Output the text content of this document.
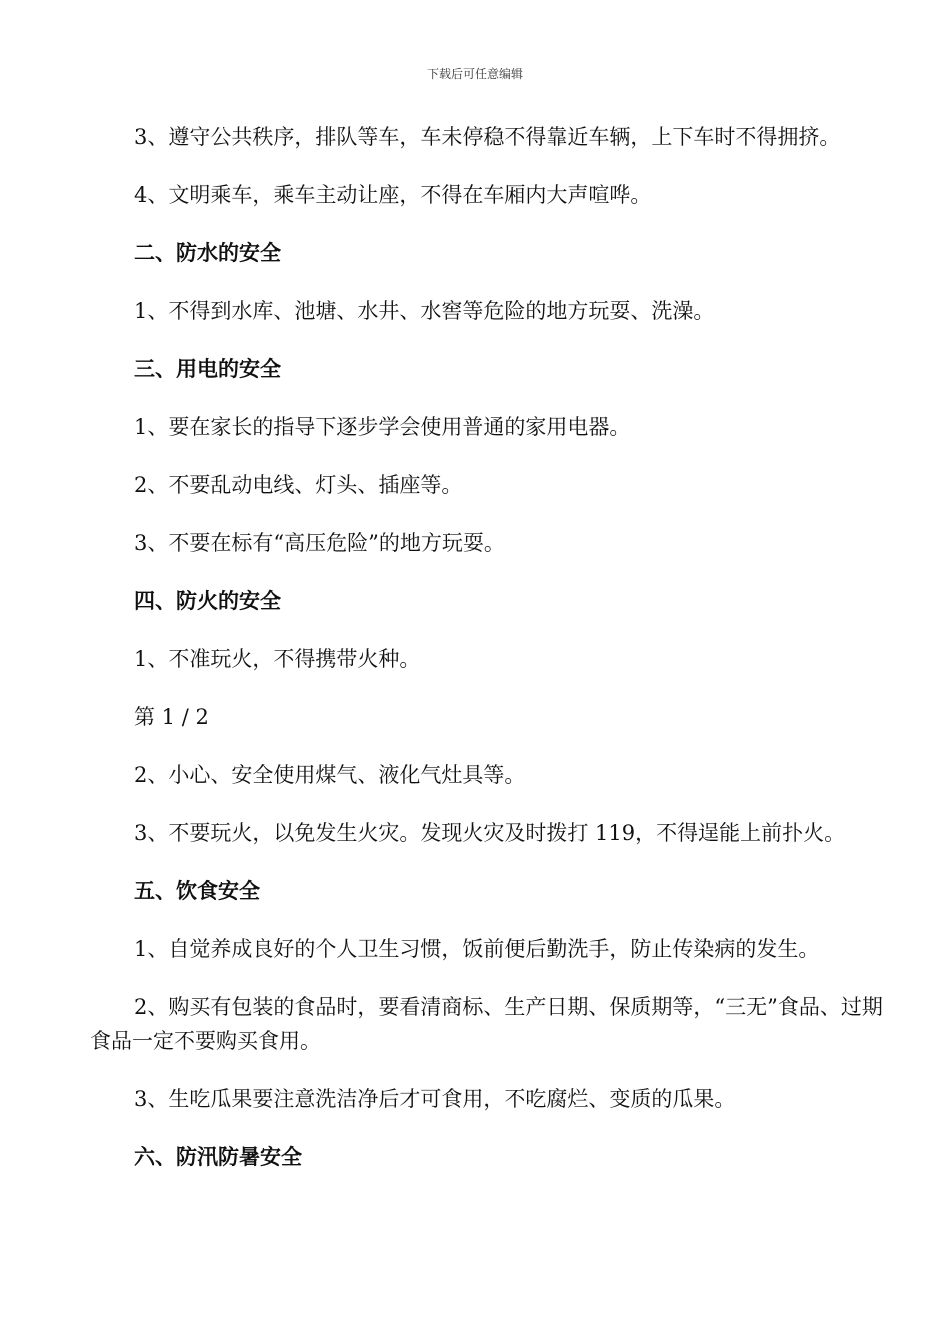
下载后可任意编辑

3、遵守公共秩序，排队等车，车未停稳不得靠近车辆，上下车时不得拥挤。

4、文明乘车，乘车主动让座，不得在车厢内大声喧哗。

二、防水的安全

1、不得到水库、池塘、水井、水窖等危险的地方玩耍、洗澡。

三、用电的安全

1、要在家长的指导下逐步学会使用普通的家用电器。

2、不要乱动电线、灯头、插座等。

3、不要在标有“高压危险”的地方玩耍。

四、防火的安全

1、不准玩火，不得携带火种。

第 1 / 2

2、小心、安全使用煤气、液化气灶具等。

3、不要玩火，以免发生火灾。发现火灾及时拨打 119，不得逞能上前扑火。

五、饮食安全

1、自觉养成良好的个人卫生习惯，饭前便后勤洗手，防止传染病的发生。

2、购买有包装的食品时，要看清商标、生产日期、保质期等，“三无”食品、过期食品一定不要购买食用。

3、生吃瓜果要注意洗洁净后才可食用，不吃腐烂、变质的瓜果。

六、防汛防暑安全
